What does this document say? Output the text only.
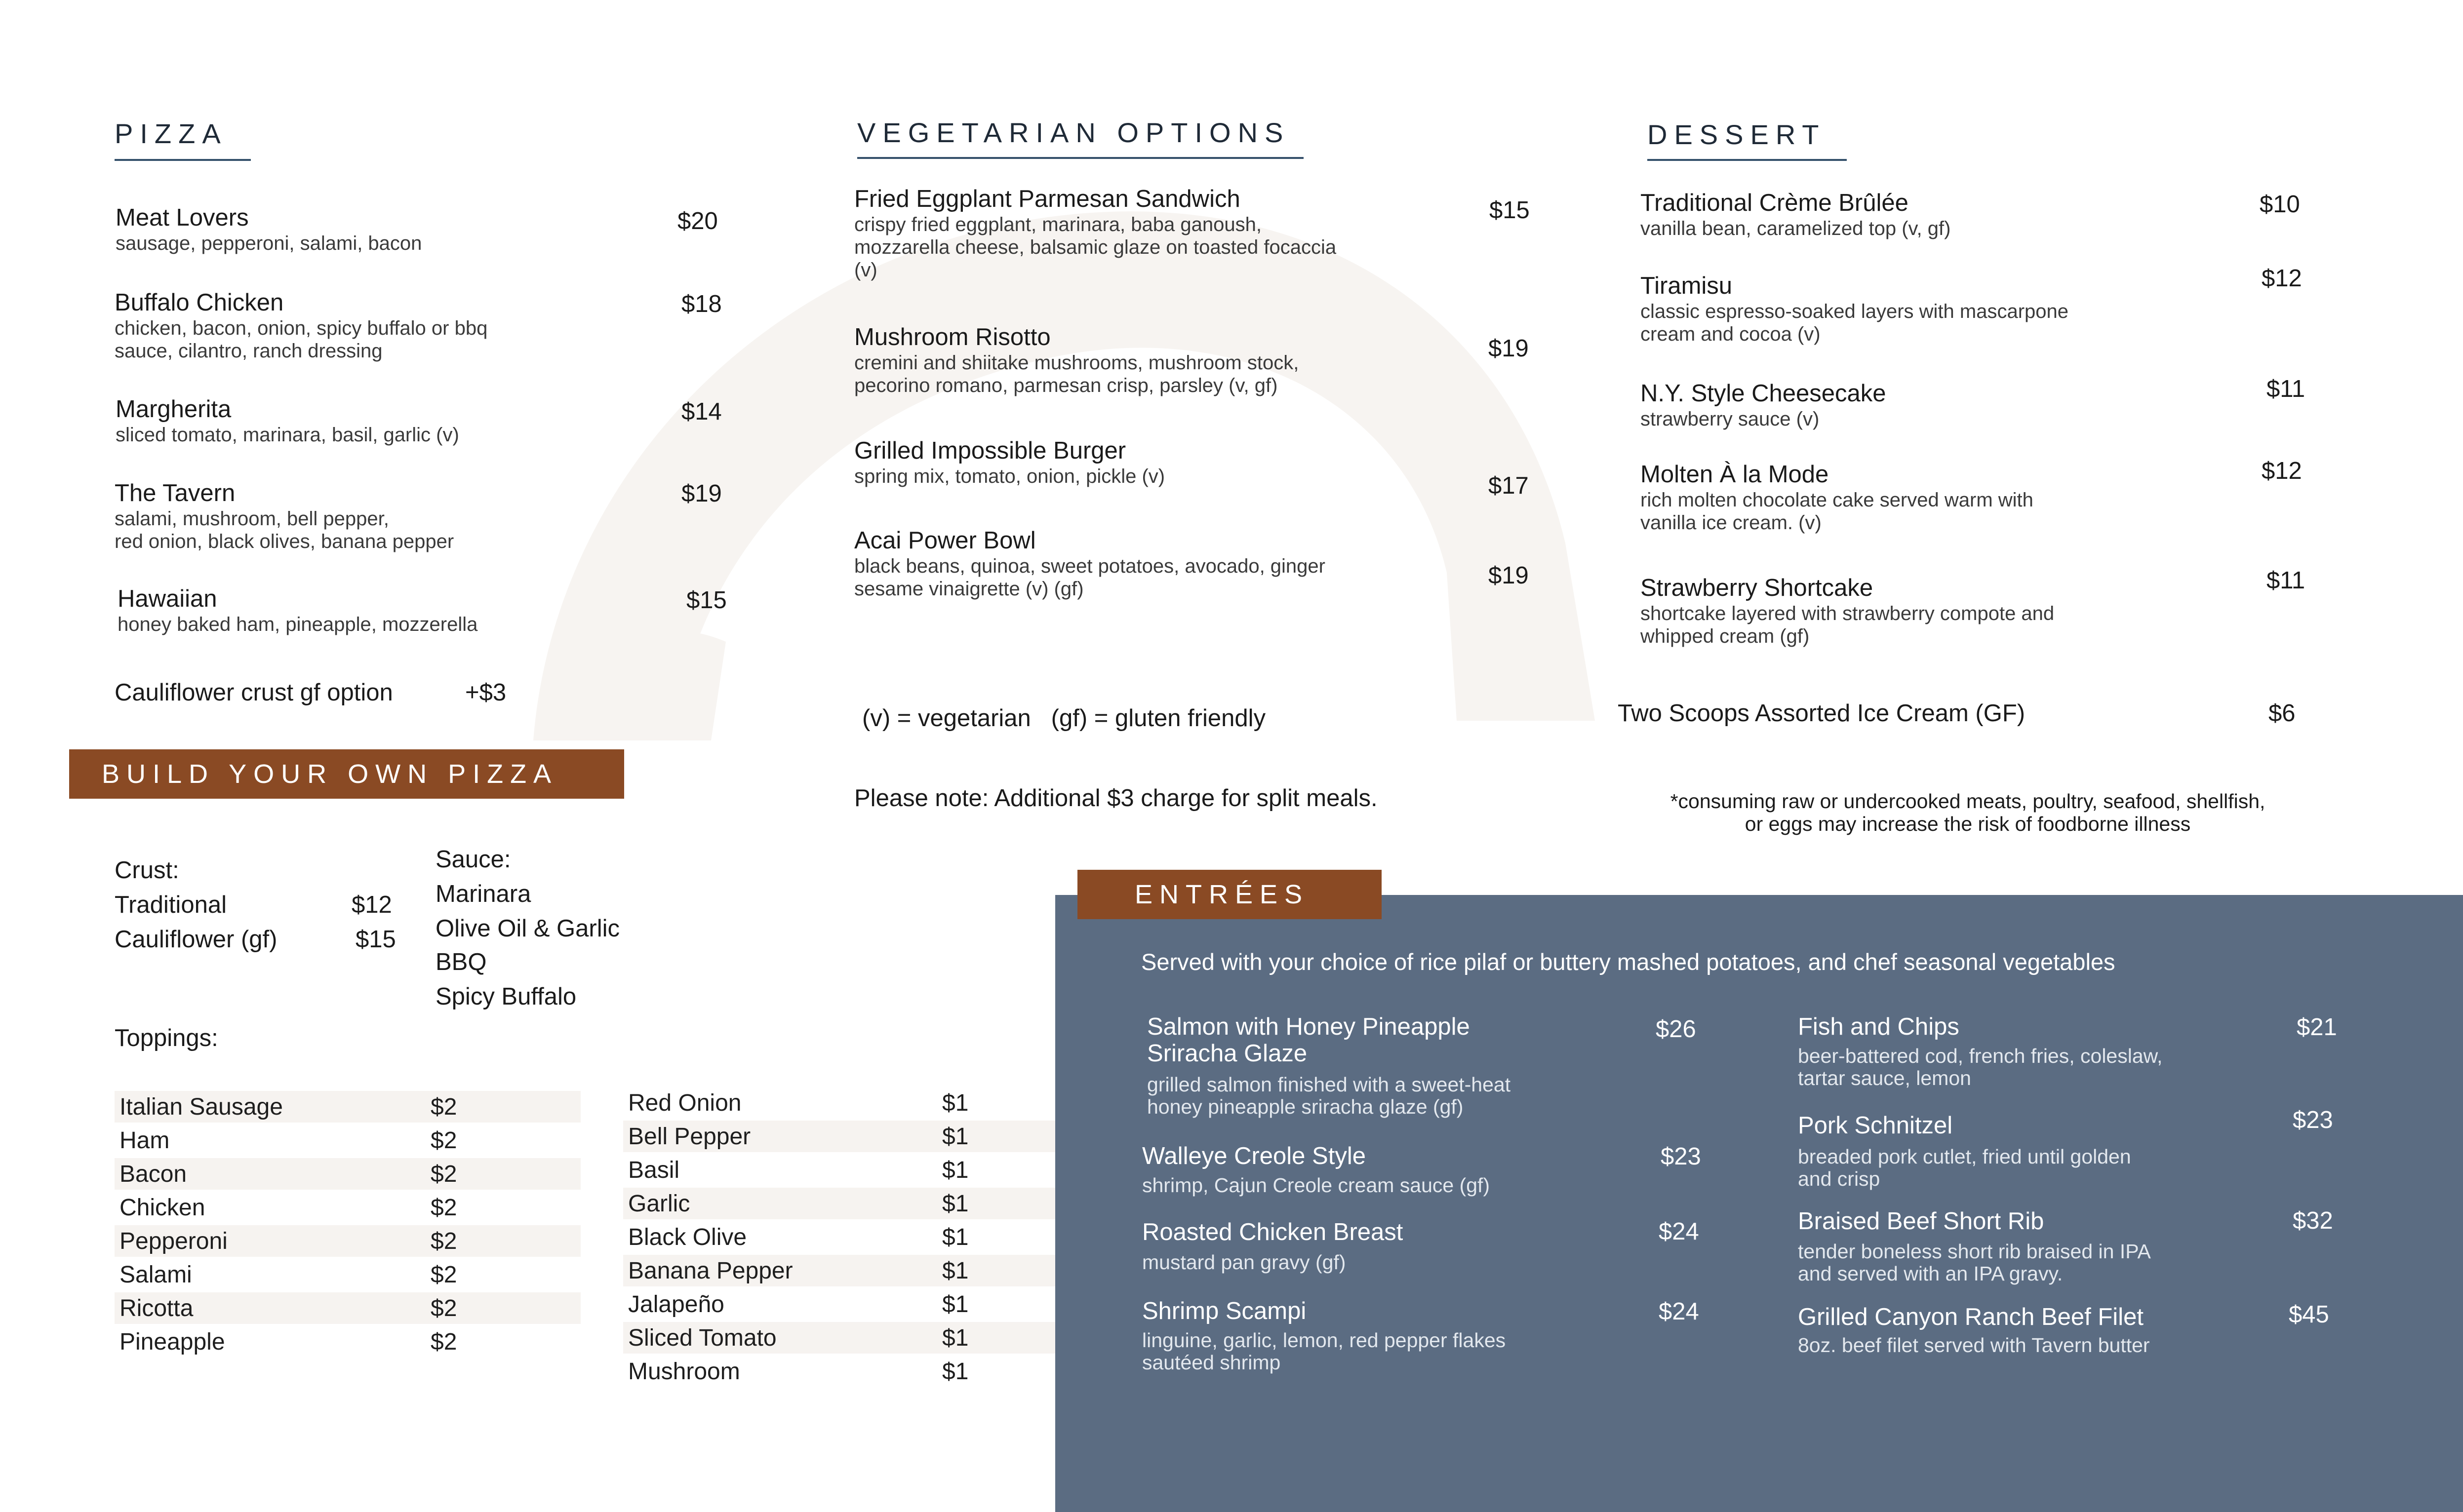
PIZZA
Meat Lovers
sausage, pepperoni, salami, bacon
$20
Buffalo Chicken
chicken, bacon, onion, spicy buffalo or bbq
sauce, cilantro, ranch dressing
$18
Margherita
sliced tomato, marinara, basil, garlic (v)
$14
The Tavern
salami, mushroom, bell pepper,
red onion, black olives, banana pepper
$19
Hawaiian
honey baked ham, pineapple, mozzerella
$15
Cauliflower crust gf option	+$3
BUILD YOUR OWN PIZZA
Crust:
Traditional	$12
Cauliflower (gf)	$15
Sauce:
Marinara
Olive Oil & Garlic
BBQ
Spicy Buffalo
Toppings:
Italian Sausage	$2
Ham	$2
Bacon	$2
Chicken	$2
Pepperoni	$2
Salami	$2
Ricotta	$2
Pineapple	$2
Red Onion	$1
Bell Pepper	$1
Basil	$1
Garlic	$1
Black Olive	$1
Banana Pepper	$1
Jalapeño	$1
Sliced Tomato	$1
Mushroom	$1
VEGETARIAN OPTIONS
Fried Eggplant Parmesan Sandwich
crispy fried eggplant, marinara, baba ganoush,
mozzarella cheese, balsamic glaze on toasted focaccia
(v)
$15
Mushroom Risotto
cremini and shiitake mushrooms, mushroom stock,
pecorino romano, parmesan crisp, parsley (v, gf)
$19
Grilled Impossible Burger
spring mix, tomato, onion, pickle (v)	$17
Acai Power Bowl
black beans, quinoa, sweet potatoes, avocado, ginger
sesame vinaigrette (v) (gf)	$19
(v) = vegetarian   (gf) = gluten friendly
Please note: Additional $3 charge for split meals.
DESSERT
Traditional Crème Brûlée
vanilla bean, caramelized top (v, gf)
$10
Tiramisu
classic espresso-soaked layers with mascarpone
cream and cocoa (v)
$12
N.Y. Style Cheesecake
strawberry sauce (v)
$11
Molten À la Mode
rich molten chocolate cake served warm with
vanilla ice cream. (v)
$12
Strawberry Shortcake
shortcake layered with strawberry compote and
whipped cream (gf)
$11
Two Scoops Assorted Ice Cream (GF)	$6
*consuming raw or undercooked meats, poultry, seafood, shellfish,
or eggs may increase the risk of foodborne illness
Served with your choice of rice pilaf or buttery mashed potatoes, and chef seasonal vegetables
Salmon with Honey Pineapple
Sriracha Glaze
grilled salmon finished with a sweet-heat
honey pineapple sriracha glaze (gf)
$26
Walleye Creole Style
shrimp, Cajun Creole cream sauce (gf)
$23
Roasted Chicken Breast
mustard pan gravy (gf)
$24
Shrimp Scampi
linguine, garlic, lemon, red pepper flakes
sautéed shrimp
$24
Fish and Chips
beer-battered cod, french fries, coleslaw,
tartar sauce, lemon
$21
Pork Schnitzel
breaded pork cutlet, fried until golden
and crisp
$23
Braised Beef Short Rib
tender boneless short rib braised in IPA
and served with an IPA gravy.
$32
Grilled Canyon Ranch Beef Filet
8oz. beef filet served with Tavern butter
$45
ENTRÉES
